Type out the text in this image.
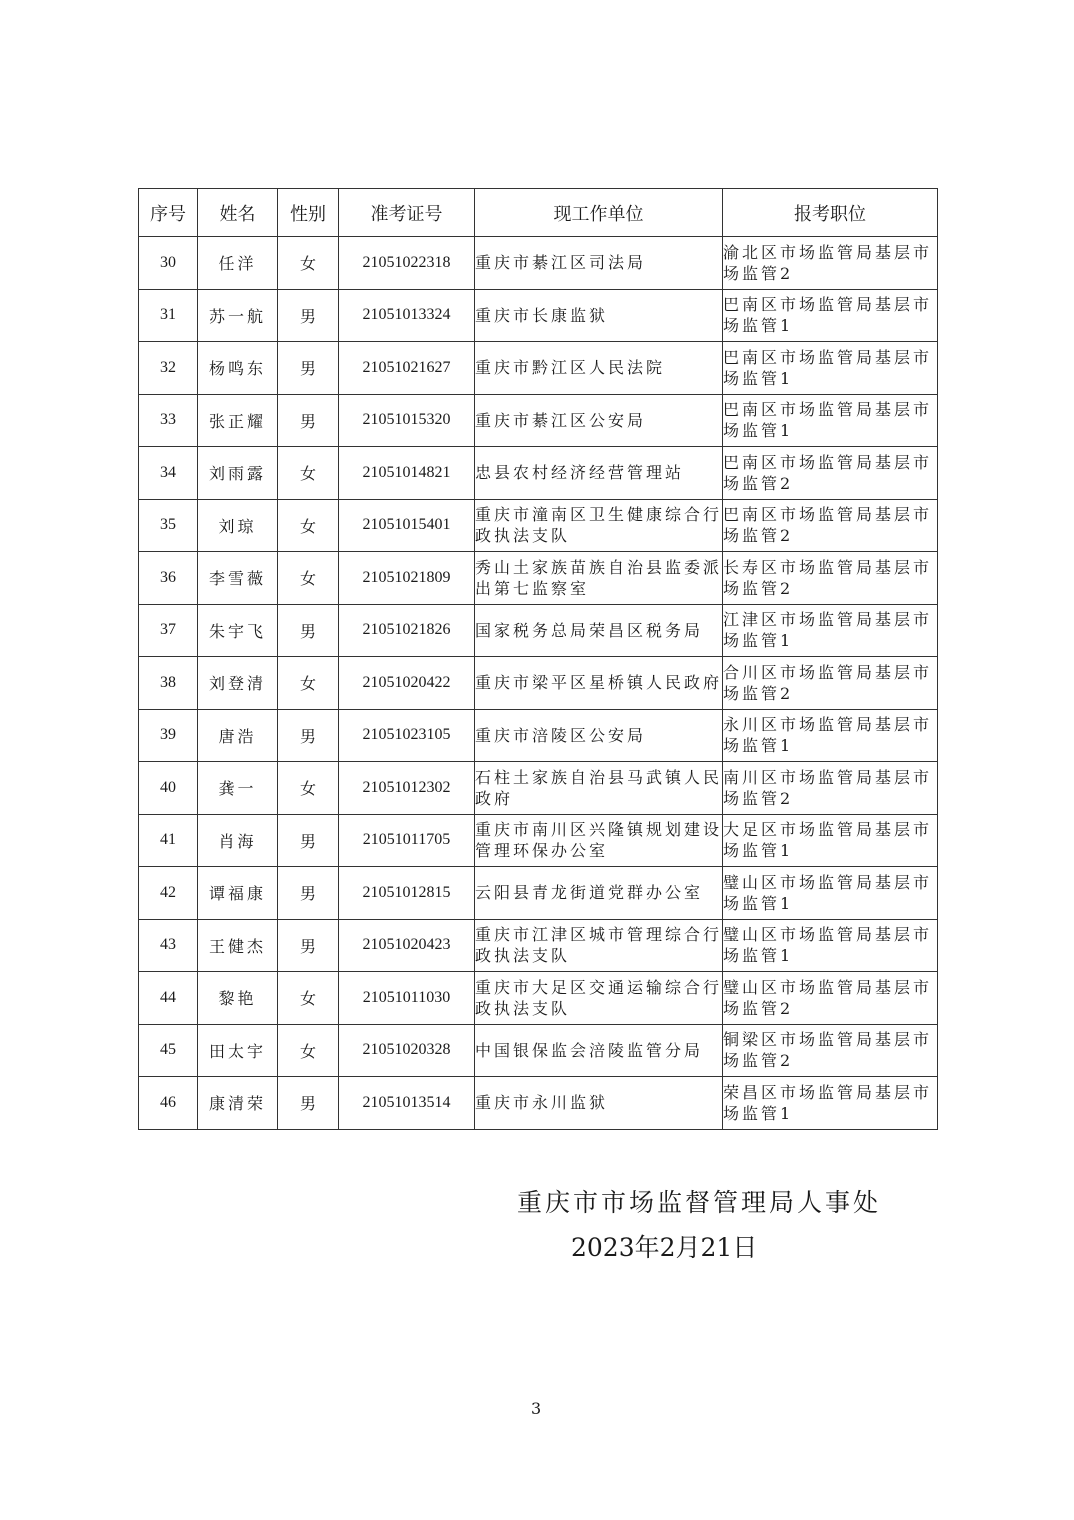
序号	姓名	性别	准考证号	现工作单位	报考职位
30	任洋	女	21051022318	重庆市綦江区司法局	渝北区市场监管局基层市场监管2
31	苏一航	男	21051013324	重庆市长康监狱	巴南区市场监管局基层市场监管1
32	杨鸣东	男	21051021627	重庆市黔江区人民法院	巴南区市场监管局基层市场监管1
33	张正耀	男	21051015320	重庆市綦江区公安局	巴南区市场监管局基层市场监管1
34	刘雨露	女	21051014821	忠县农村经济经营管理站	巴南区市场监管局基层市场监管2
35	刘琼	女	21051015401	重庆市潼南区卫生健康综合行政执法支队	巴南区市场监管局基层市场监管2
36	李雪薇	女	21051021809	秀山土家族苗族自治县监委派出第七监察室	长寿区市场监管局基层市场监管2
37	朱宇飞	男	21051021826	国家税务总局荣昌区税务局	江津区市场监管局基层市场监管1
38	刘登清	女	21051020422	重庆市梁平区星桥镇人民政府	合川区市场监管局基层市场监管2
39	唐浩	男	21051023105	重庆市涪陵区公安局	永川区市场监管局基层市场监管1
40	龚一	女	21051012302	石柱土家族自治县马武镇人民政府	南川区市场监管局基层市场监管2
41	肖海	男	21051011705	重庆市南川区兴隆镇规划建设管理环保办公室	大足区市场监管局基层市场监管1
42	谭福康	男	21051012815	云阳县青龙街道党群办公室	璧山区市场监管局基层市场监管1
43	王健杰	男	21051020423	重庆市江津区城市管理综合行政执法支队	璧山区市场监管局基层市场监管1
44	黎艳	女	21051011030	重庆市大足区交通运输综合行政执法支队	璧山区市场监管局基层市场监管2
45	田太宇	女	21051020328	中国银保监会涪陵监管分局	铜梁区市场监管局基层市场监管2
46	康清荣	男	21051013514	重庆市永川监狱	荣昌区市场监管局基层市场监管1
重庆市市场监督管理局人事处
2023年2月21日
3
